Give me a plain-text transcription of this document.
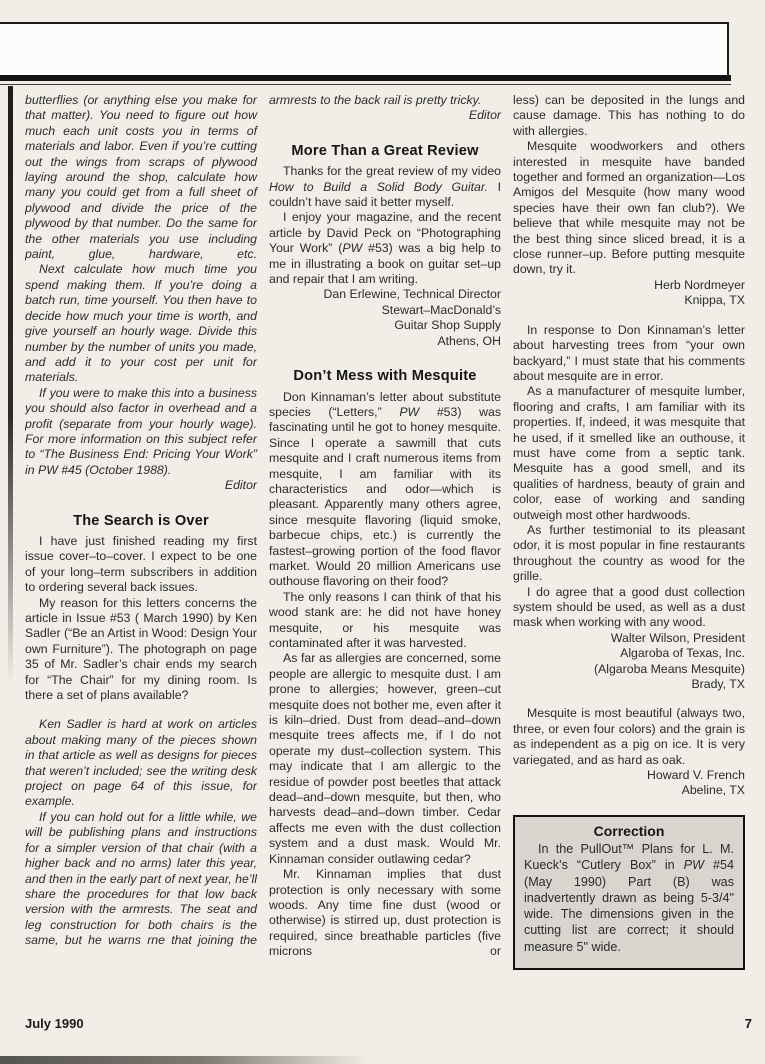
butterflies (or anything else you make for that matter). You need to figure out how much each unit costs you in terms of materials and labor. Even if you’re cutting out the wings from scraps of plywood laying around the shop, calculate how many you could get from a full sheet of plywood and divide the price of the plywood by that number. Do the same for the other materials you use including paint, glue, hardware, etc.

Next calculate how much time you spend making them. If you’re doing a batch run, time yourself. You then have to decide how much your time is worth, and give yourself an hourly wage. Divide this number by the number of units you made, and add it to your cost per unit for materials.

If you were to make this into a business you should also factor in overhead and a profit (separate from your hourly wage). For more information on this subject refer to “The Business End: Pricing Your Work” in PW #45 (October 1988).

Editor

The Search is Over

I have just finished reading my first issue cover–to–cover. I expect to be one of your long–term subscribers in addition to ordering several back issues.

My reason for this letters concerns the article in Issue #53 ( March 1990) by Ken Sadler (“Be an Artist in Wood: Design Your own Furniture”). The photograph on page 35 of Mr. Sadler’s chair ends my search for “The Chair” for my dining room. Is there a set of plans available?

Ken Sadler is hard at work on articles about making many of the pieces shown in that article as well as designs for pieces that weren’t included; see the writing desk project on page 64 of this issue, for example.

If you can hold out for a little while, we will be publishing plans and instructions for a simpler version of that chair (with a higher back and no arms) later this year, and then in the early part of next year, he’ll share the procedures for that low back version with the armrests. The seat and leg construction for both chairs is the same, but he warns rne that joining the

armrests to the back rail is pretty tricky.

Editor

More Than a Great Review

Thanks for the great review of my video How to Build a Solid Body Guitar. I couldn’t have said it better myself.

I enjoy your magazine, and the recent article by David Peck on “Photographing Your Work” (PW #53) was a big help to me in illustrating a book on guitar set–up and repair that I am writing.

Dan Erlewine, Technical Director

Stewart–MacDonald’s

Guitar Shop Supply

Athens, OH

Don’t Mess with Mesquite

Don Kinnaman’s letter about substitute species (“Letters,” PW #53) was fascinating until he got to honey mesquite. Since I operate a sawmill that cuts mesquite and I craft numerous items from mesquite, I am familiar with its characteristics and odor—which is pleasant. Apparently many others agree, since mesquite flavoring (liquid smoke, barbecue chips, etc.) is currently the fastest–growing portion of the food flavor market. Would 20 million Americans use outhouse flavoring on their food?

The only reasons I can think of that his wood stank are: he did not have honey mesquite, or his mesquite was contaminated after it was harvested.

As far as allergies are concerned, some people are allergic to mesquite dust. I am prone to allergies; however, green–cut mesquite does not bother me, even after it is kiln–dried. Dust from dead–and–down mesquite trees affects me, if I do not operate my dust–collection system. This may indicate that I am allergic to the residue of powder post beetles that attack dead–and–down mesquite, but then, who harvests dead–and–down timber. Cedar affects me even with the dust collection system and a dust mask. Would Mr. Kinnaman consider outlawing cedar?

Mr. Kinnaman implies that dust protection is only necessary with some woods. Any time fine dust (wood or otherwise) is stirred up, dust protection is required, since breathable particles (five microns or

less) can be deposited in the lungs and cause damage. This has nothing to do with allergies.

Mesquite woodworkers and others interested in mesquite have banded together and formed an organization—Los Amigos del Mesquite (how many wood species have their own fan club?). We believe that while mesquite may not be the best thing since sliced bread, it is a close runner–up. Before putting mesquite down, try it.

Herb Nordmeyer

Knippa, TX

In response to Don Kinnaman’s letter about harvesting trees from “your own backyard,” I must state that his comments about mesquite are in error.

As a manufacturer of mesquite lumber, flooring and crafts, I am familiar with its properties. If, indeed, it was mesquite that he used, if it smelled like an outhouse, it must have come from a septic tank. Mesquite has a good smell, and its qualities of hardness, beauty of grain and color, ease of working and sanding outweigh most other hardwoods.

As further testimonial to its pleasant odor, it is most popular in fine restaurants throughout the country as wood for the grille.

I do agree that a good dust collection system should be used, as well as a dust mask when working with any wood.

Walter Wilson, President

Algaroba of Texas, Inc.

(Algaroba Means Mesquite)

Brady, TX

Mesquite is most beautiful (always two, three, or even four colors) and the grain is as independent as a pig on ice. It is very variegated, and as hard as oak.

Howard V. French

Abeline, TX

Correction

In the PullOut™ Plans for L. M. Kueck’s “Cutlery Box” in PW #54 (May 1990) Part (B) was inadvertently drawn as being 5-3/4" wide. The dimensions given in the cutting list are correct; it should measure 5" wide.

July 1990	7
